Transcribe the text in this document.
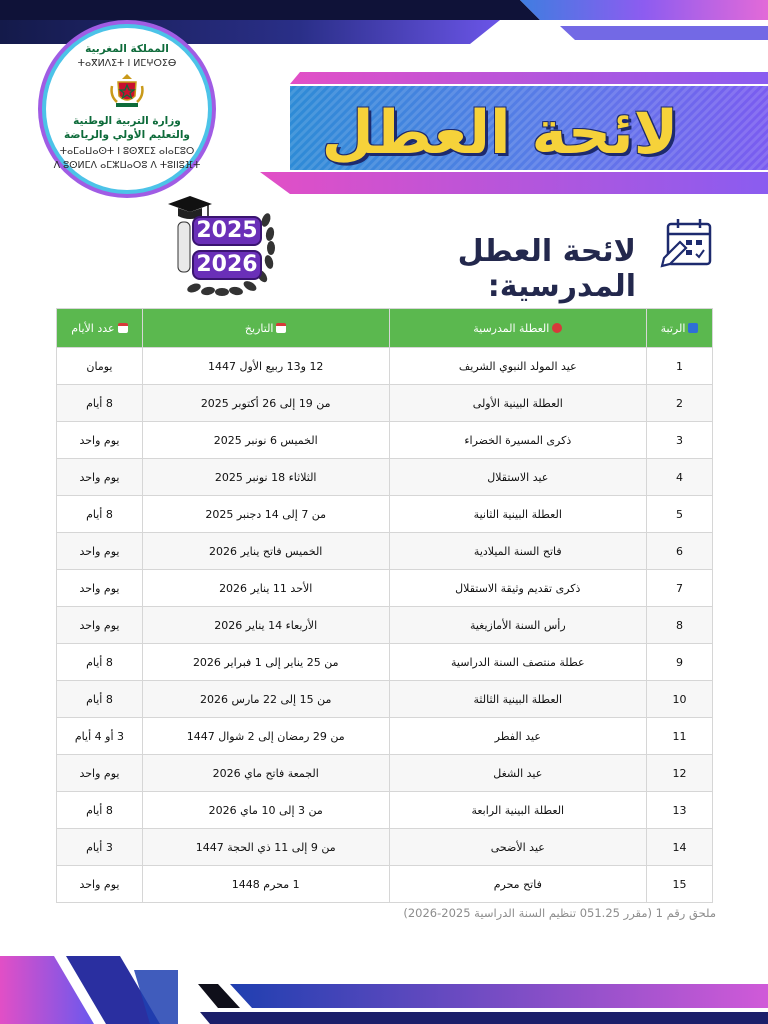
لائحة العطل
المملكة المغربية
ⵜⴰⴳⵍⴷⵉⵜ ⵏ ⵍⵎⵖⵔⵉⴱ
وزارة التربية الوطنية
والتعليم الأولي والرياضة
ⵜⴰⵎⴰⵡⴰⵙⵜ ⵏ ⵓⵙⴳⵎⵉ ⴰⵏⴰⵎⵓⵔ
ⴷ ⵓⵙⵍⵎⴷ ⴰⵎⵣⵡⴰⵔⵓ ⴷ ⵜⵓⵏⵏⵓⴼⵜ
2025
2026	لائحة العطل المدرسية:
الرتبة	العطلة المدرسية	التاريخ	عدد الأيام
1	عيد المولد النبوي الشريف	12 و13 ربيع الأول 1447	يومان
2	العطلة البينية الأولى	من 19 إلى 26 أكتوبر 2025	8 أيام
3	ذكرى المسيرة الخضراء	الخميس 6 نونبر 2025	يوم واحد
4	عيد الاستقلال	الثلاثاء 18 نونبر 2025	يوم واحد
5	العطلة البينية الثانية	من 7 إلى 14 دجنبر 2025	8 أيام
6	فاتح السنة الميلادية	الخميس فاتح يناير 2026	يوم واحد
7	ذكرى تقديم وثيقة الاستقلال	الأحد 11 يناير 2026	يوم واحد
8	رأس السنة الأمازيغية	الأربعاء 14 يناير 2026	يوم واحد
9	عطلة منتصف السنة الدراسية	من 25 يناير إلى 1 فبراير 2026	8 أيام
10	العطلة البينية الثالثة	من 15 إلى 22 مارس 2026	8 أيام
11	عيد الفطر	من 29 رمضان إلى 2 شوال 1447	3 أو 4 أيام
12	عيد الشغل	الجمعة فاتح ماي 2026	يوم واحد
13	العطلة البينية الرابعة	من 3 إلى 10 ماي 2026	8 أيام
14	عيد الأضحى	من 9 إلى 11 ذي الحجة 1447	3 أيام
15	فاتح محرم	1 محرم 1448	يوم واحد
ملحق رقم 1 (مقرر 051.25 تنظيم السنة الدراسية 2025-2026)
